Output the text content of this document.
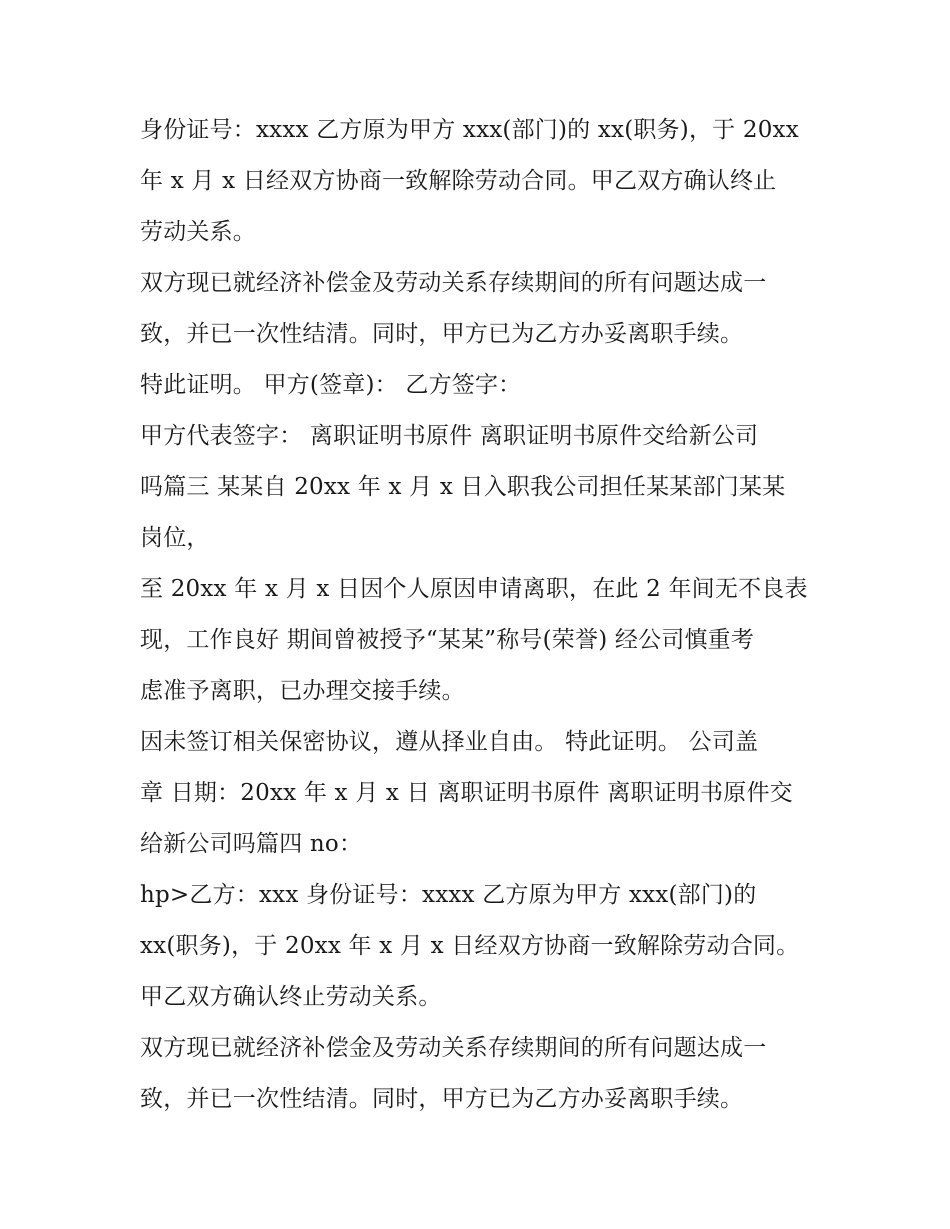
身份证号：xxxx 乙方原为甲方 xxx(部门)的 xx(职务)，于 20xx
年 x 月 x 日经双方协商一致解除劳动合同。甲乙双方确认终止
劳动关系。

双方现已就经济补偿金及劳动关系存续期间的所有问题达成一
致，并已一次性结清。同时，甲方已为乙方办妥离职手续。

特此证明。 甲方(签章)： 乙方签字：

甲方代表签字： 离职证明书原件 离职证明书原件交给新公司
吗篇三 某某自 20xx 年 x 月 x 日入职我公司担任某某部门某某
岗位，

至 20xx 年 x 月 x 日因个人原因申请离职，在此 2 年间无不良表
现，工作良好 期间曾被授予“某某”称号(荣誉) 经公司慎重考
虑准予离职，已办理交接手续。

因未签订相关保密协议，遵从择业自由。 特此证明。 公司盖
章 日期：20xx 年 x 月 x 日 离职证明书原件 离职证明书原件交
给新公司吗篇四 no：

hp>乙方：xxx 身份证号：xxxx 乙方原为甲方 xxx(部门)的
xx(职务)，于 20xx 年 x 月 x 日经双方协商一致解除劳动合同。
甲乙双方确认终止劳动关系。

双方现已就经济补偿金及劳动关系存续期间的所有问题达成一
致，并已一次性结清。同时，甲方已为乙方办妥离职手续。
